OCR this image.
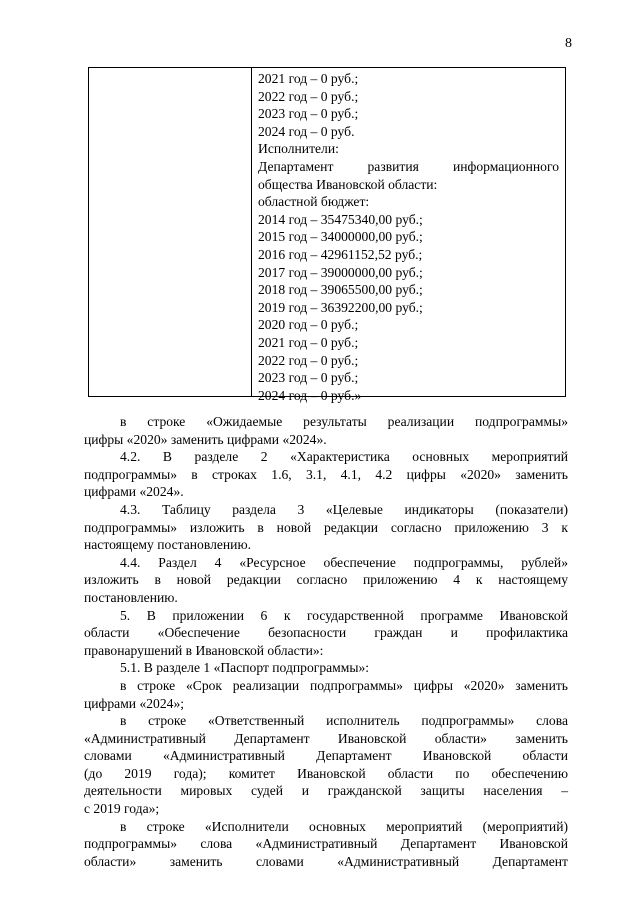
8
2021 год – 0 руб.;
2022 год – 0 руб.;
2023 год – 0 руб.;
2024 год – 0 руб.
Исполнители:
Департамент развития информационного
общества Ивановской области:
областной бюджет:
2014 год – 35475340,00 руб.;
2015 год – 34000000,00 руб.;
2016 год – 42961152,52 руб.;
2017 год – 39000000,00 руб.;
2018 год – 39065500,00 руб.;
2019 год – 36392200,00 руб.;
2020 год – 0 руб.;
2021 год – 0 руб.;
2022 год – 0 руб.;
2023 год – 0 руб.;
2024 год – 0 руб.»
в строке «Ожидаемые результаты реализации подпрограммы»
цифры «2020» заменить цифрами «2024».
4.2. В разделе 2 «Характеристика основных мероприятий
подпрограммы» в строках 1.6, 3.1, 4.1, 4.2 цифры «2020» заменить
цифрами «2024».
4.3. Таблицу раздела 3 «Целевые индикаторы (показатели)
подпрограммы» изложить в новой редакции согласно приложению 3 к
настоящему постановлению.
4.4. Раздел 4 «Ресурсное обеспечение подпрограммы, рублей»
изложить в новой редакции согласно приложению 4 к настоящему
постановлению.
5. В приложении 6 к государственной программе Ивановской
области «Обеспечение безопасности граждан и профилактика
правонарушений в Ивановской области»:
5.1. В разделе 1 «Паспорт подпрограммы»:
в строке «Срок реализации подпрограммы» цифры «2020» заменить
цифрами «2024»;
в строке «Ответственный исполнитель подпрограммы» слова
«Административный Департамент Ивановской области» заменить
словами «Административный Департамент Ивановской области
(до 2019 года); комитет Ивановской области по обеспечению
деятельности мировых судей и гражданской защиты населения –
с 2019 года»;
в строке «Исполнители основных мероприятий (мероприятий)
подпрограммы» слова «Административный Департамент Ивановской
области» заменить словами «Административный Департамент
